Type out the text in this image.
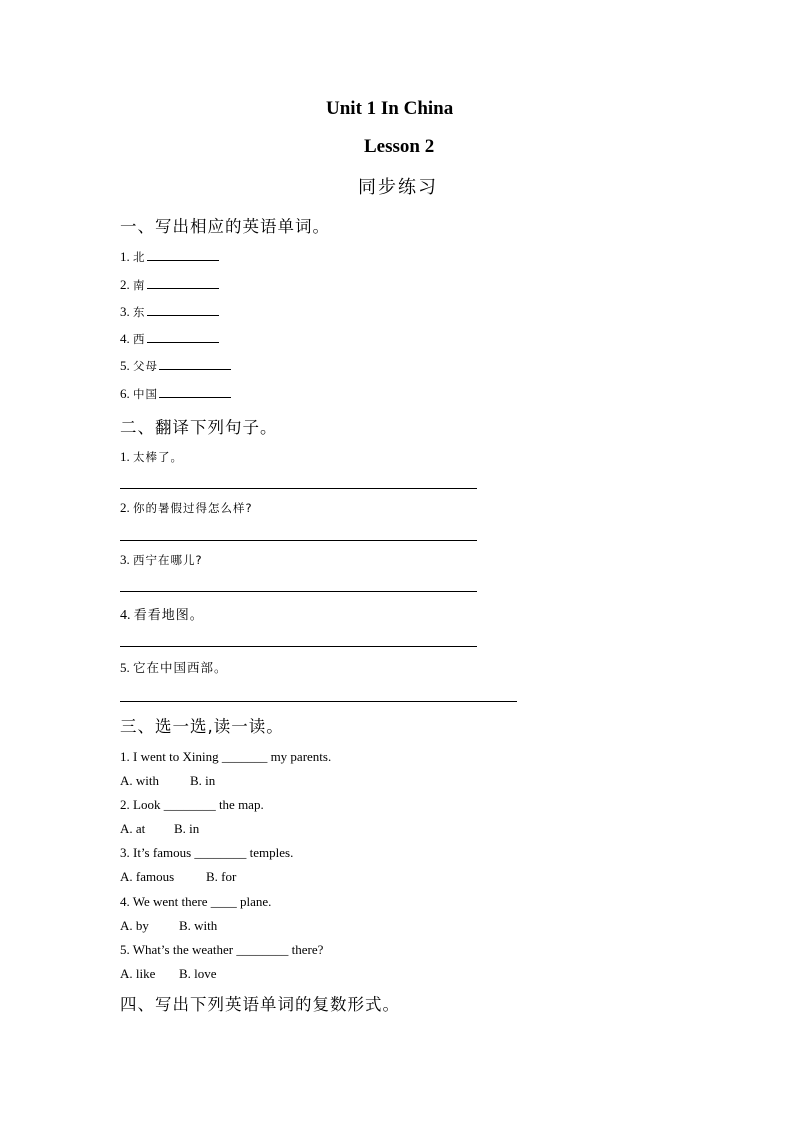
Unit 1 In China
Lesson 2
同步练习
一、写出相应的英语单词。
1. 北
2. 南
3. 东
4. 西
5. 父母
6. 中国
二、翻译下列句子。
1. 太棒了。
2. 你的暑假过得怎么样?
3. 西宁在哪儿?
4. 看看地图。
5. 它在中国西部。
三、选一选,读一读。
1. I went to Xining _______ my parents.
A. with B. in
2. Look ________ the map.
A. at B. in
3. It’s famous ________ temples.
A. famous B. for
4. We went there ____ plane.
A. by B. with
5. What’s the weather ________ there?
A. like B. love
四、写出下列英语单词的复数形式。
